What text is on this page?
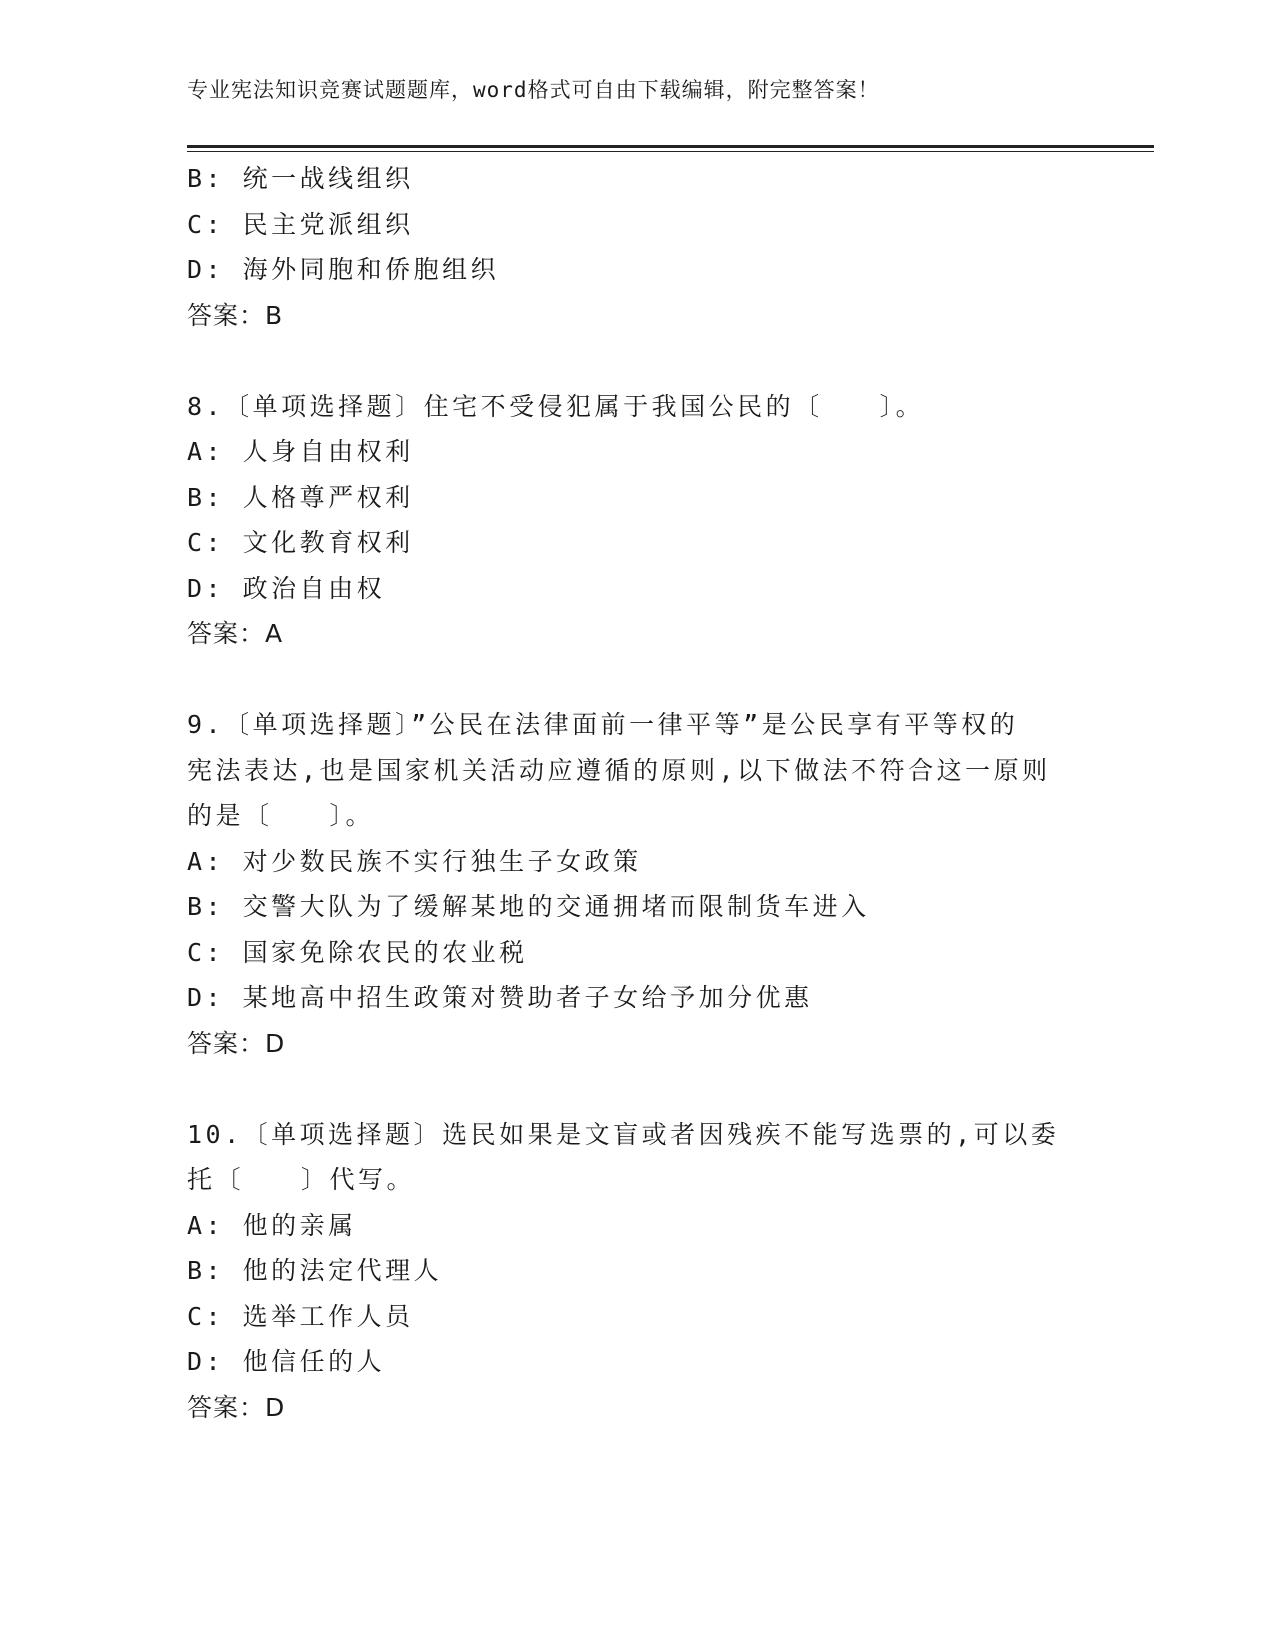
专业宪法知识竞赛试题题库，word格式可自由下载编辑，附完整答案！
B: 统一战线组织
C: 民主党派组织
D: 海外同胞和侨胞组织
答案：B
8.〔单项选择题〕住宅不受侵犯属于我国公民的〔　　〕。
A: 人身自由权利
B: 人格尊严权利
C: 文化教育权利
D: 政治自由权
答案：A
9.〔单项选择题〕”公民在法律面前一律平等”是公民享有平等权的
宪法表达,也是国家机关活动应遵循的原则,以下做法不符合这一原则
的是〔　　〕。
A: 对少数民族不实行独生子女政策
B: 交警大队为了缓解某地的交通拥堵而限制货车进入
C: 国家免除农民的农业税
D: 某地高中招生政策对赞助者子女给予加分优惠
答案：D
10.〔单项选择题〕选民如果是文盲或者因残疾不能写选票的,可以委
托〔　　〕代写。
A: 他的亲属
B: 他的法定代理人
C: 选举工作人员
D: 他信任的人
答案：D
